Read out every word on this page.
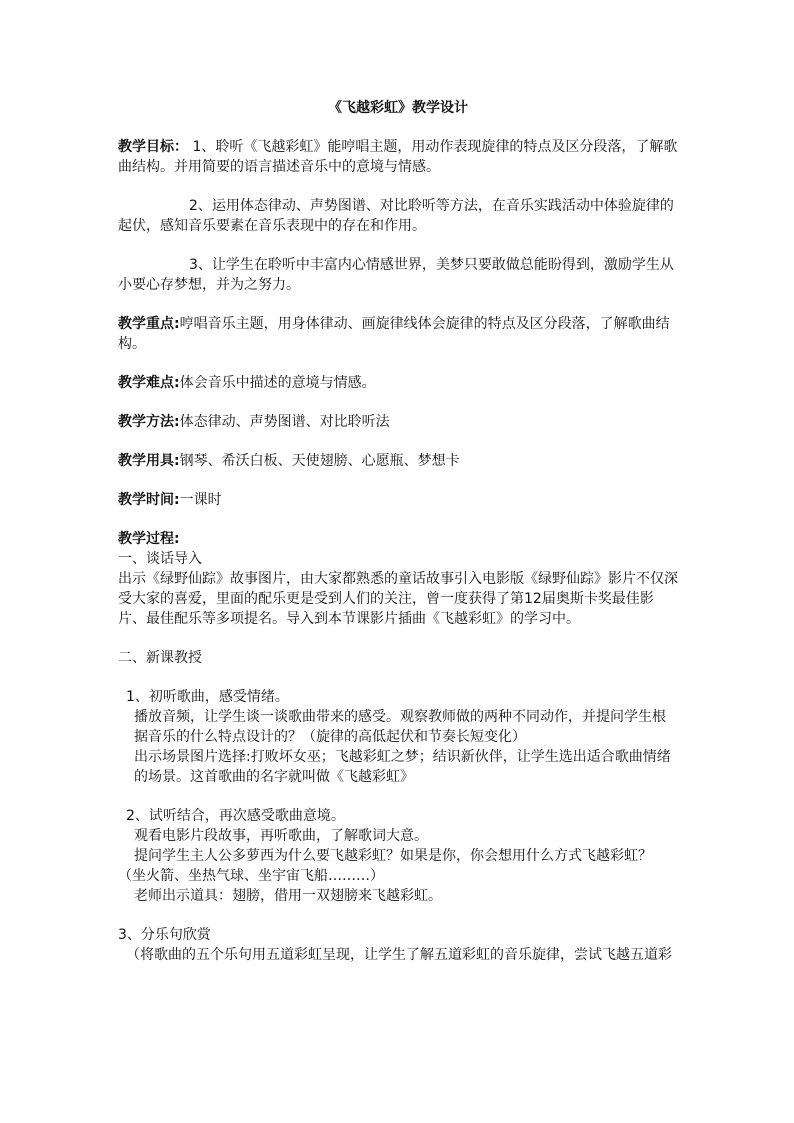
《飞越彩虹》教学设计

教学目标： 1、聆听《飞越彩虹》能哼唱主题，用动作表现旋律的特点及区分段落，了解歌曲结构。并用简要的语言描述音乐中的意境与情感。

2、运用体态律动、声势图谱、对比聆听等方法，在音乐实践活动中体验旋律的起伏，感知音乐要素在音乐表现中的存在和作用。

3、让学生在聆听中丰富内心情感世界，美梦只要敢做总能盼得到，激励学生从小要心存梦想，并为之努力。

教学重点:哼唱音乐主题，用身体律动、画旋律线体会旋律的特点及区分段落，了解歌曲结构。

教学难点:体会音乐中描述的意境与情感。

教学方法:体态律动、声势图谱、对比聆听法

教学用具:钢琴、希沃白板、天使翅膀、心愿瓶、梦想卡

教学时间:一课时

教学过程:

一、谈话导入

出示《绿野仙踪》故事图片，由大家都熟悉的童话故事引入电影版《绿野仙踪》影片不仅深受大家的喜爱，里面的配乐更是受到人们的关注，曾一度获得了第12届奥斯卡奖最佳影片、最佳配乐等多项提名。导入到本节课影片插曲《飞越彩虹》的学习中。

二、新课教授

1、初听歌曲，感受情绪。

播放音频，让学生谈一谈歌曲带来的感受。观察教师做的两种不同动作，并提问学生根据音乐的什么特点设计的？（旋律的高低起伏和节奏长短变化）

出示场景图片选择:打败坏女巫；飞越彩虹之梦；结识新伙伴，让学生选出适合歌曲情绪的场景。这首歌曲的名字就叫做《飞越彩虹》

2、试听结合，再次感受歌曲意境。

观看电影片段故事，再听歌曲，了解歌词大意。

提问学生主人公多萝西为什么要飞越彩虹？如果是你，你会想用什么方式飞越彩虹？

（坐火箭、坐热气球、坐宇宙飞船………）

老师出示道具：翅膀，借用一双翅膀来飞越彩虹。

3、分乐句欣赏

（将歌曲的五个乐句用五道彩虹呈现，让学生了解五道彩虹的音乐旋律，尝试飞越五道彩
